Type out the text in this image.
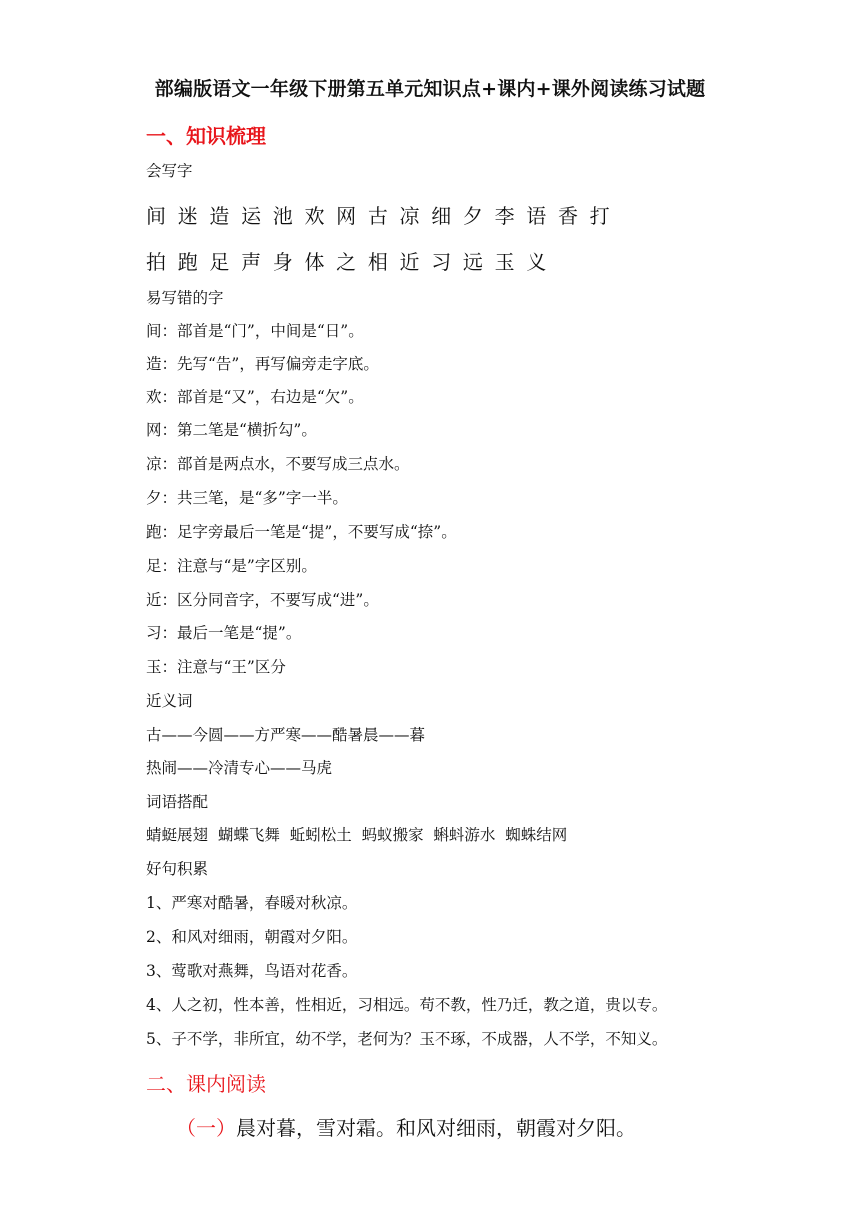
部编版语文一年级下册第五单元知识点+课内+课外阅读练习试题
一、知识梳理
会写字
间 迷 造 运 池 欢 网 古 凉 细 夕 李 语 香 打
拍 跑 足 声 身 体 之 相 近 习 远 玉 义
易写错的字
间：部首是“门”，中间是“日”。
造：先写“告”，再写偏旁走字底。
欢：部首是“又”，右边是“欠”。
网：第二笔是“横折勾”。
凉：部首是两点水，不要写成三点水。
夕：共三笔，是“多”字一半。
跑：足字旁最后一笔是“提”，不要写成“捺”。
足：注意与“是”字区别。
近：区分同音字，不要写成“进”。
习：最后一笔是“提”。
玉：注意与“王”区分
近义词
古——今圆——方严寒——酷暑晨——暮
热闹——冷清专心——马虎
词语搭配
蜻蜓展翅  蝴蝶飞舞  蚯蚓松土  蚂蚁搬家  蝌蚪游水  蜘蛛结网
好句积累
1、严寒对酷暑，春暖对秋凉。
2、和风对细雨，朝霞对夕阳。
3、莺歌对燕舞，鸟语对花香。
4、人之初，性本善，性相近，习相远。苟不教，性乃迁，教之道，贵以专。
5、子不学，非所宜，幼不学，老何为？玉不琢，不成器，人不学，不知义。
二、课内阅读
（一）晨对暮，雪对霜。和风对细雨，朝霞对夕阳。
